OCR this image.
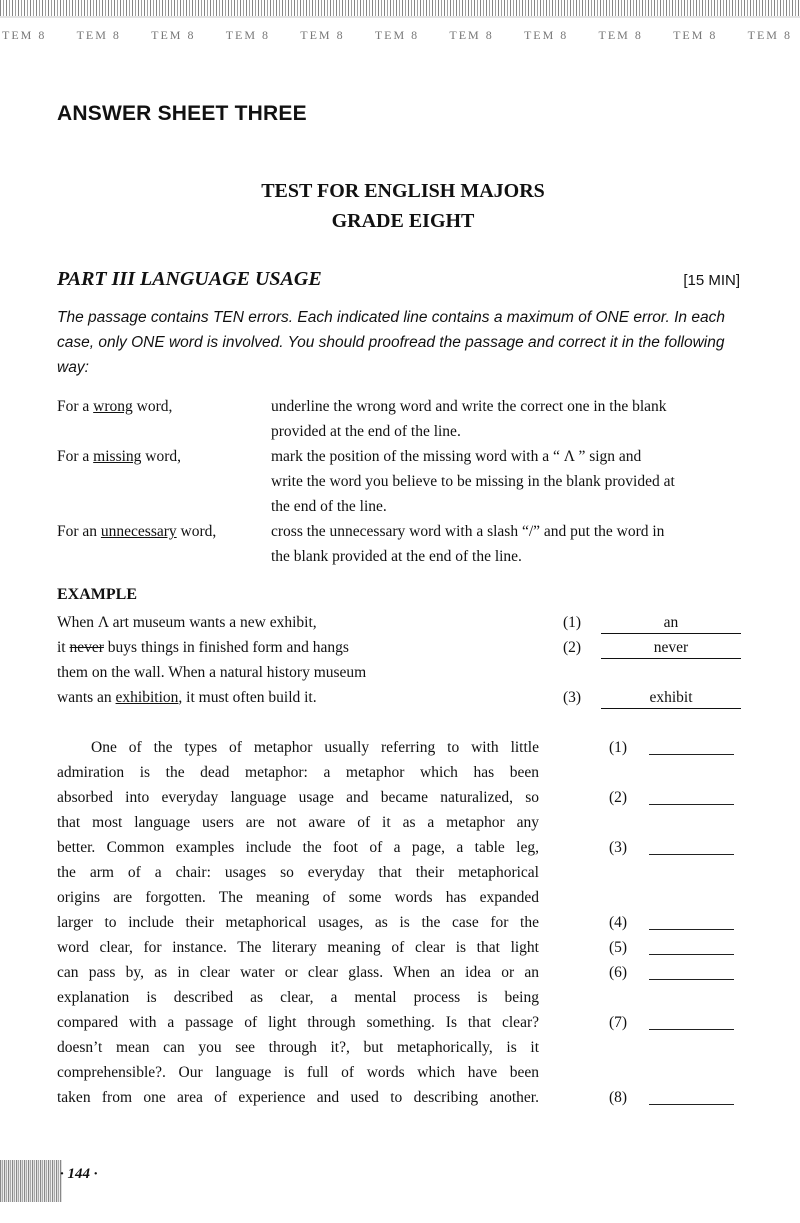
TEM 8	TEM 8	TEM 8	TEM 8	TEM 8	TEM 8	TEM 8	TEM 8	TEM 8	TEM 8	TEM 8
ANSWER SHEET THREE
TEST FOR ENGLISH MAJORS
GRADE EIGHT
PART III LANGUAGE USAGE	[15 MIN]

The passage contains TEN errors. Each indicated line contains a maximum of ONE error. In each case, only ONE word is involved. You should proofread the passage and correct it in the following way:

For a wrong word,	underline the wrong word and write the correct one in the blank
provided at the end of the line.
For a missing word,	mark the position of the missing word with a “ Λ ” sign and
write the word you believe to be missing in the blank provided at
the end of the line.
For an unnecessary word,	cross the unnecessary word with a slash “/” and put the word in
the blank provided at the end of the line.
EXAMPLE
When Λ art museum wants a new exhibit,
it never buys things in finished form and hangs
them on the wall. When a natural history museum
wants an exhibition, it must often build it.
(1)	an
(2)	never
(3)	exhibit
One of the types of metaphor usually referring to with little
admiration is the dead metaphor: a metaphor which has been
absorbed into everyday language usage and became naturalized, so
that most language users are not aware of it as a metaphor any
better. Common examples include the foot of a page, a table leg,
the arm of a chair: usages so everyday that their metaphorical
origins are forgotten. The meaning of some words has expanded
larger to include their metaphorical usages, as is the case for the
word clear, for instance. The literary meaning of clear is that light
can pass by, as in clear water or clear glass. When an idea or an
explanation is described as clear, a mental process is being
compared with a passage of light through something. Is that clear?
doesn’t mean can you see through it?, but metaphorically, is it
comprehensible?. Our language is full of words which have been
taken from one area of experience and used to describing another.
(1)
(2)
(3)
(4)
(5)
(6)
(7)
(8)
· 144 ·
